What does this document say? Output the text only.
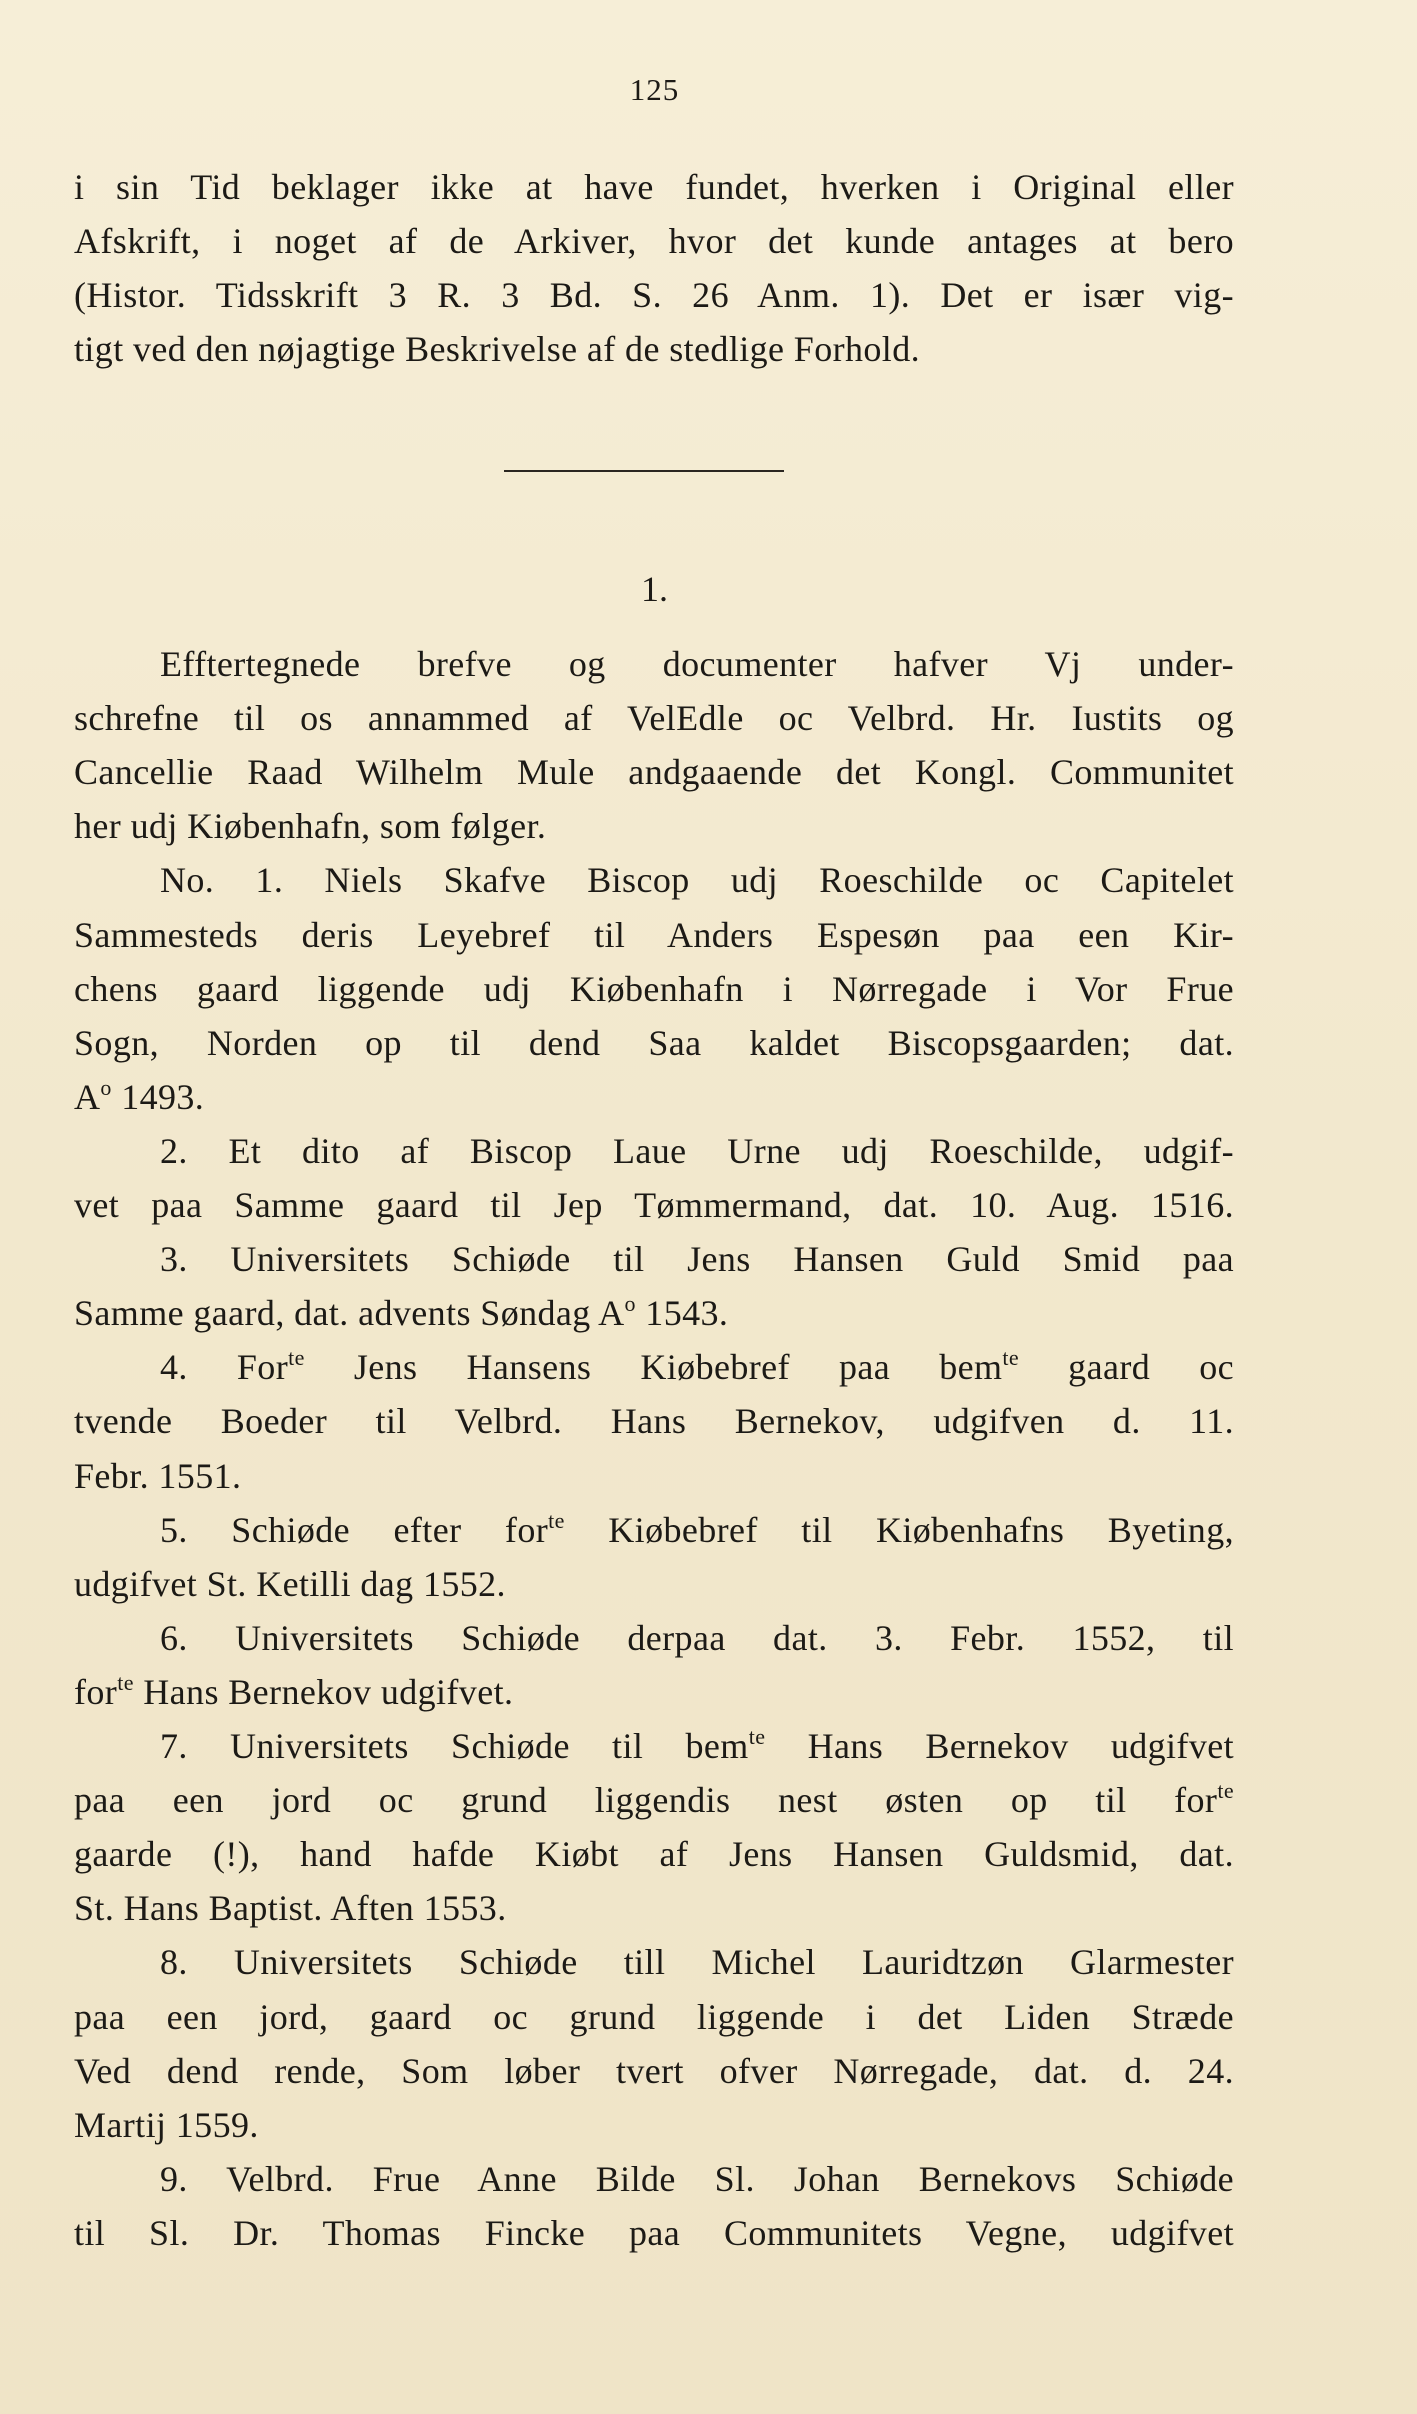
125
i sin Tid beklager ikke at have fundet, hverken i Original eller
Afskrift, i noget af de Arkiver, hvor det kunde antages at bero
(Histor. Tidsskrift 3 R. 3 Bd. S. 26 Anm. 1). Det er især vig-
tigt ved den nøjagtige Beskrivelse af de stedlige Forhold.
1.
Efftertegnede brefve og documenter hafver Vj under-
schrefne til os annammed af VelEdle oc Velbrd. Hr. Iustits og
Cancellie Raad Wilhelm Mule andgaaende det Kongl. Communitet
her udj Kiøbenhafn, som følger.
No. 1. Niels Skafve Biscop udj Roeschilde oc Capitelet
Sammesteds deris Leyebref til Anders Espesøn paa een Kir-
chens gaard liggende udj Kiøbenhafn i Nørregade i Vor Frue
Sogn, Norden op til dend Saa kaldet Biscopsgaarden; dat.
$A^o$ 1493.
2. Et dito af Biscop Laue Urne udj Roeschilde, udgif-
vet paa Samme gaard til Jep Tømmermand, dat. 10. Aug. 1516.
3. Universitets Schiøde til Jens Hansen Guld Smid paa
Samme gaard, dat. advents Søndag $A^o$ 1543.
4. For$^{te}$ Jens Hansens Kiøbebref paa bem$^{te}$ gaard oc
tvende Boeder til Velbrd. Hans Bernekov, udgifven d. 11.
Febr. 1551.
5. Schiøde efter for$^{te}$ Kiøbebref til Kiøbenhafns Byeting,
udgifvet St. Ketilli dag 1552.
6. Universitets Schiøde derpaa dat. 3. Febr. 1552, til
for$^{te}$ Hans Bernekov udgifvet.
7. Universitets Schiøde til bem$^{te}$ Hans Bernekov udgifvet
paa een jord oc grund liggendis nest østen op til for$^{te}$
gaarde (!), hand hafde Kiøbt af Jens Hansen Guldsmid, dat.
St. Hans Baptist. Aften 1553.
8. Universitets Schiøde till Michel Lauridtzøn Glarmester
paa een jord, gaard oc grund liggende i det Liden Stræde
Ved dend rende, Som løber tvert ofver Nørregade, dat. d. 24.
Martij 1559.
9. Velbrd. Frue Anne Bilde Sl. Johan Bernekovs Schiøde
til Sl. Dr. Thomas Fincke paa Communitets Vegne, udgifvet
